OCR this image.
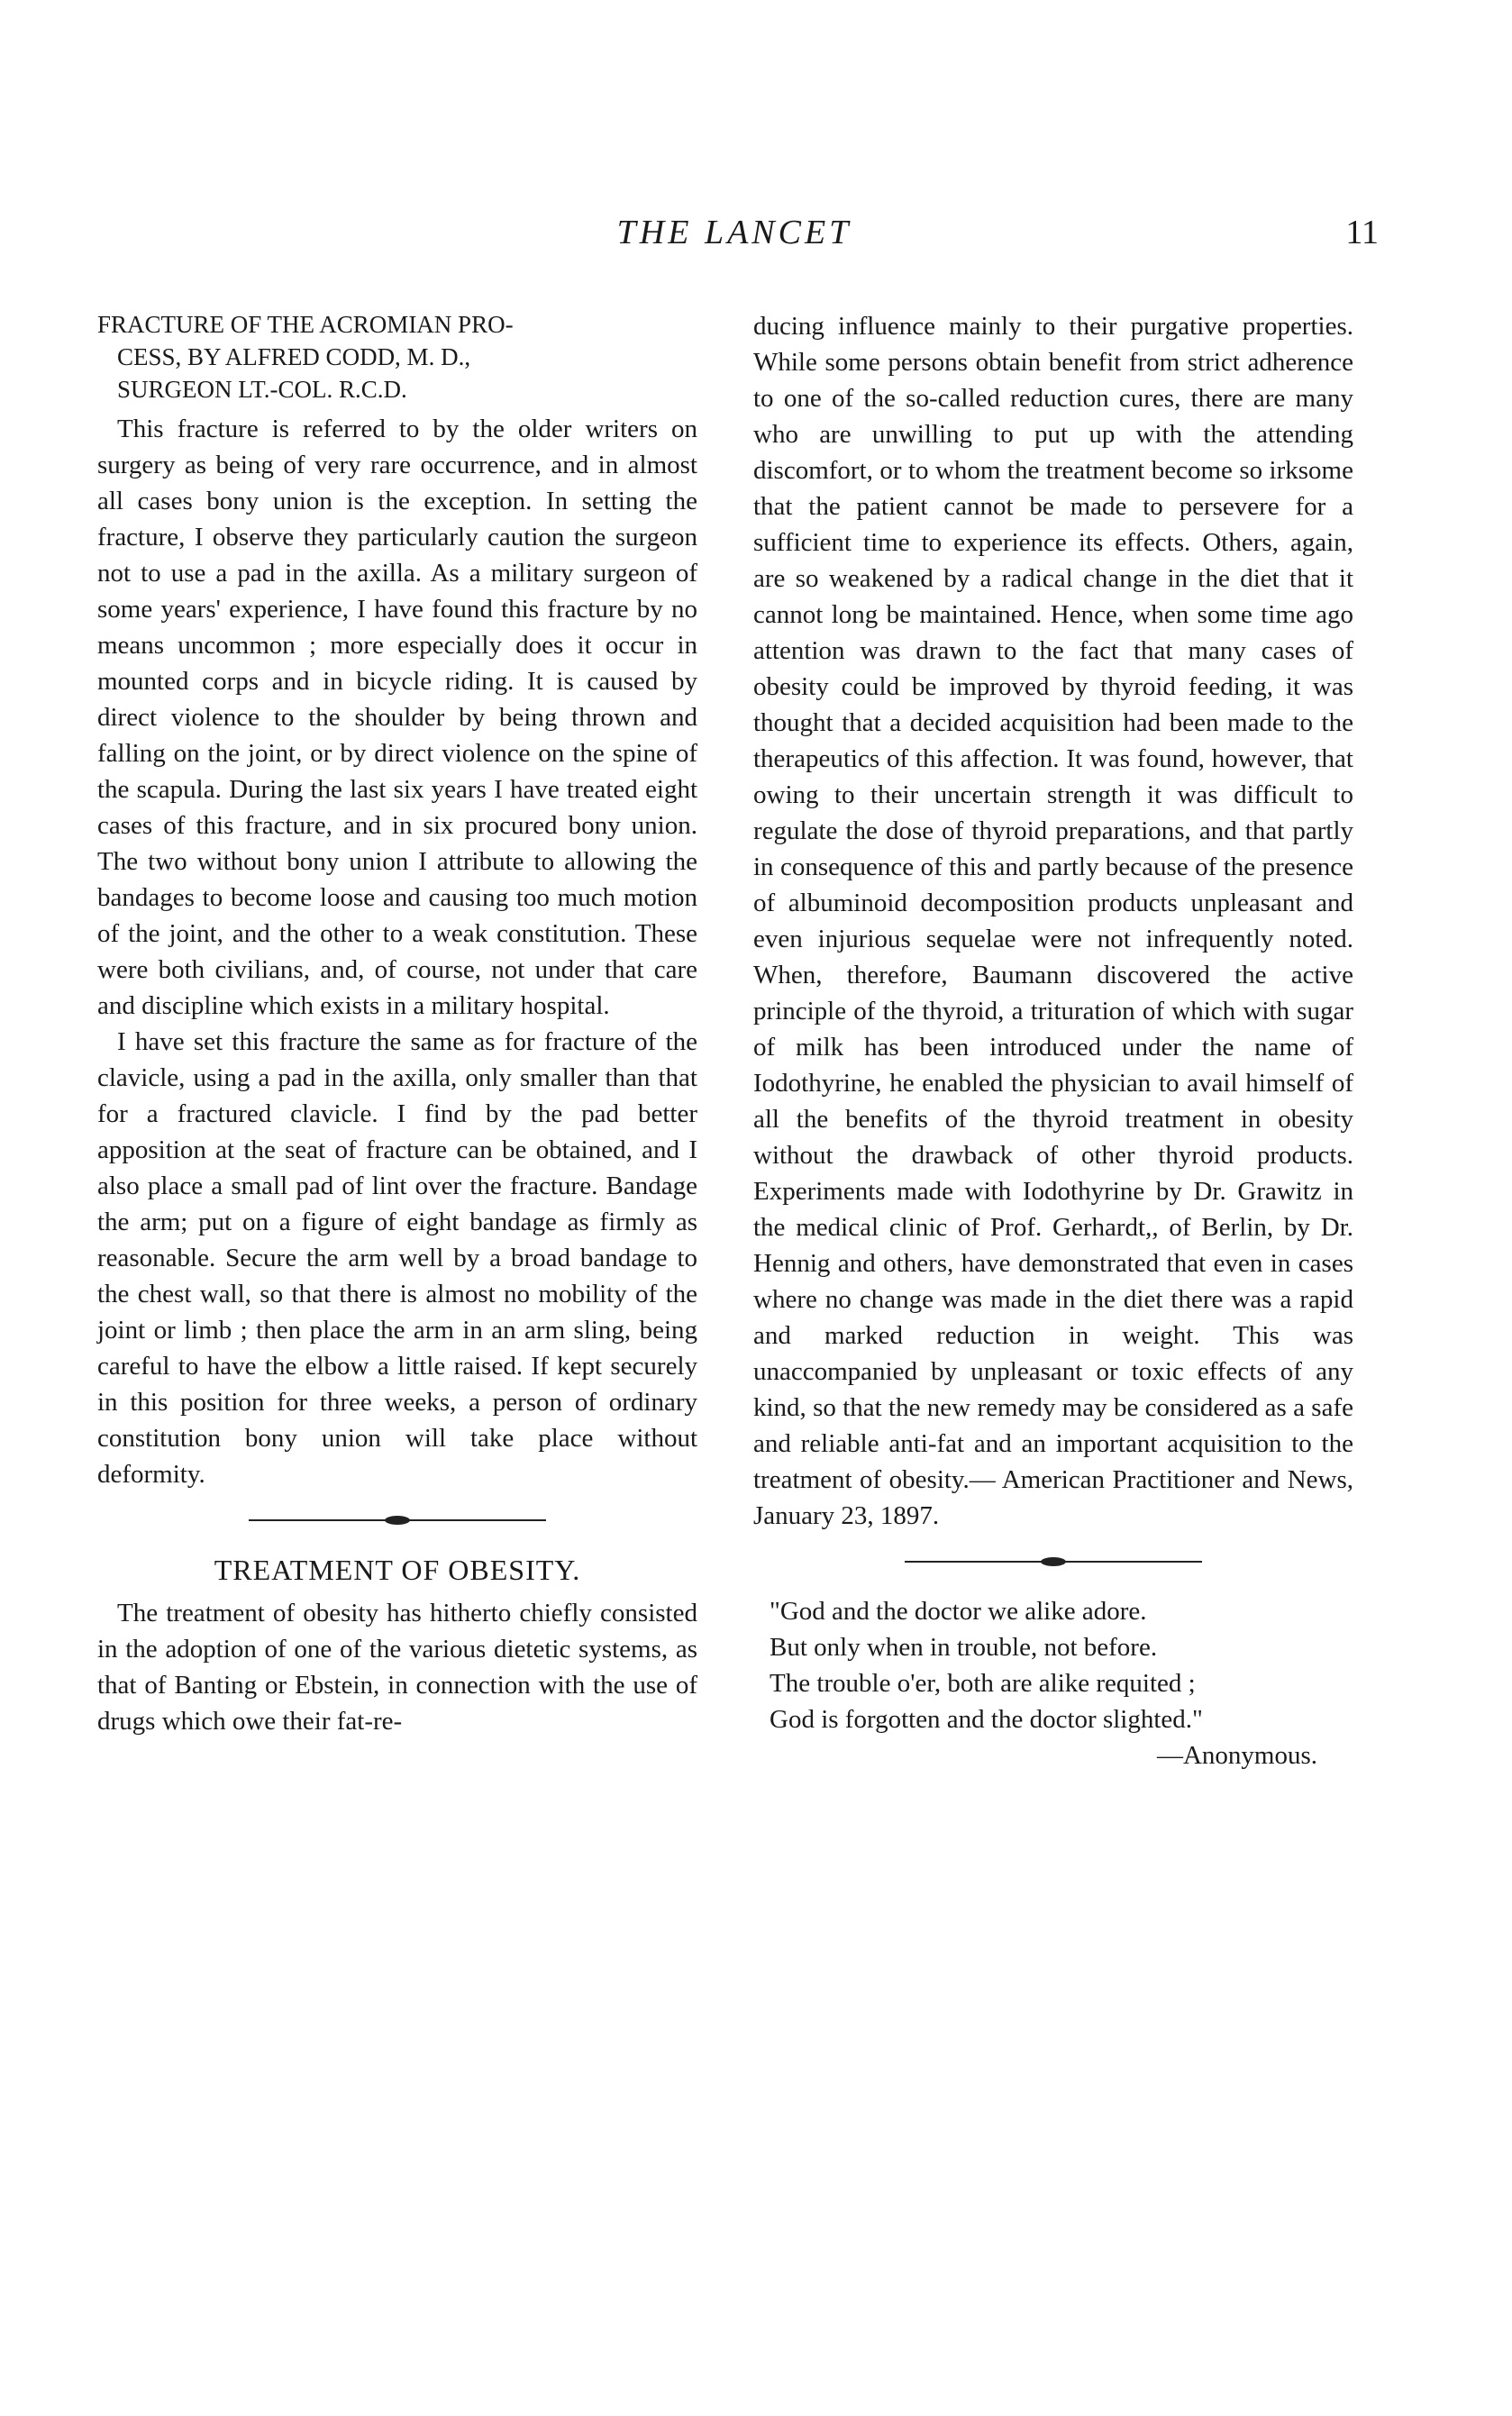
THE LANCET	11
FRACTURE OF THE ACROMIAN PRO-
CESS, BY ALFRED CODD, M. D.,
SURGEON LT.-COL. R.C.D.

This fracture is referred to by the older writers on surgery as being of very rare occurrence, and in almost all cases bony union is the exception. In setting the fracture, I observe they particularly caution the surgeon not to use a pad in the axilla. As a military surgeon of some years' experience, I have found this fracture by no means uncommon ; more especially does it occur in mounted corps and in bicycle riding. It is caused by direct violence to the shoulder by being thrown and falling on the joint, or by direct violence on the spine of the scapula. During the last six years I have treated eight cases of this fracture, and in six procured bony union. The two without bony union I attribute to allowing the bandages to become loose and causing too much motion of the joint, and the other to a weak constitution. These were both civilians, and, of course, not under that care and discipline which exists in a military hospital.

I have set this fracture the same as for fracture of the clavicle, using a pad in the axilla, only smaller than that for a fractured clavicle. I find by the pad better apposition at the seat of fracture can be obtained, and I also place a small pad of lint over the fracture. Bandage the arm; put on a figure of eight bandage as firmly as reasonable. Secure the arm well by a broad bandage to the chest wall, so that there is almost no mobility of the joint or limb ; then place the arm in an arm sling, being careful to have the elbow a little raised. If kept securely in this position for three weeks, a person of ordinary constitution bony union will take place without deformity.

TREATMENT OF OBESITY.

The treatment of obesity has hitherto chiefly consisted in the adoption of one of the various dietetic systems, as that of Banting or Ebstein, in connection with the use of drugs which owe their fat-re-

ducing influence mainly to their purgative properties. While some persons obtain benefit from strict adherence to one of the so-called reduction cures, there are many who are unwilling to put up with the attending discomfort, or to whom the treatment become so irksome that the patient cannot be made to persevere for a sufficient time to experience its effects. Others, again, are so weakened by a radical change in the diet that it cannot long be maintained. Hence, when some time ago attention was drawn to the fact that many cases of obesity could be improved by thyroid feeding, it was thought that a decided acquisition had been made to the therapeutics of this affection. It was found, however, that owing to their uncertain strength it was difficult to regulate the dose of thyroid preparations, and that partly in consequence of this and partly because of the presence of albuminoid decomposition products unpleasant and even injurious sequelae were not infrequently noted. When, therefore, Baumann discovered the active principle of the thyroid, a trituration of which with sugar of milk has been introduced under the name of Iodothyrine, he enabled the physician to avail himself of all the benefits of the thyroid treatment in obesity without the drawback of other thyroid products. Experiments made with Iodothyrine by Dr. Grawitz in the medical clinic of Prof. Gerhardt,, of Berlin, by Dr. Hennig and others, have demonstrated that even in cases where no change was made in the diet there was a rapid and marked reduction in weight. This was unaccompanied by unpleasant or toxic effects of any kind, so that the new remedy may be considered as a safe and reliable anti-fat and an important acquisition to the treatment of obesity.— American Practitioner and News, January 23, 1897.

"God and the doctor we alike adore.
But only when in trouble, not before.
The trouble o'er, both are alike requited ;
God is forgotten and the doctor slighted."
—Anonymous.
